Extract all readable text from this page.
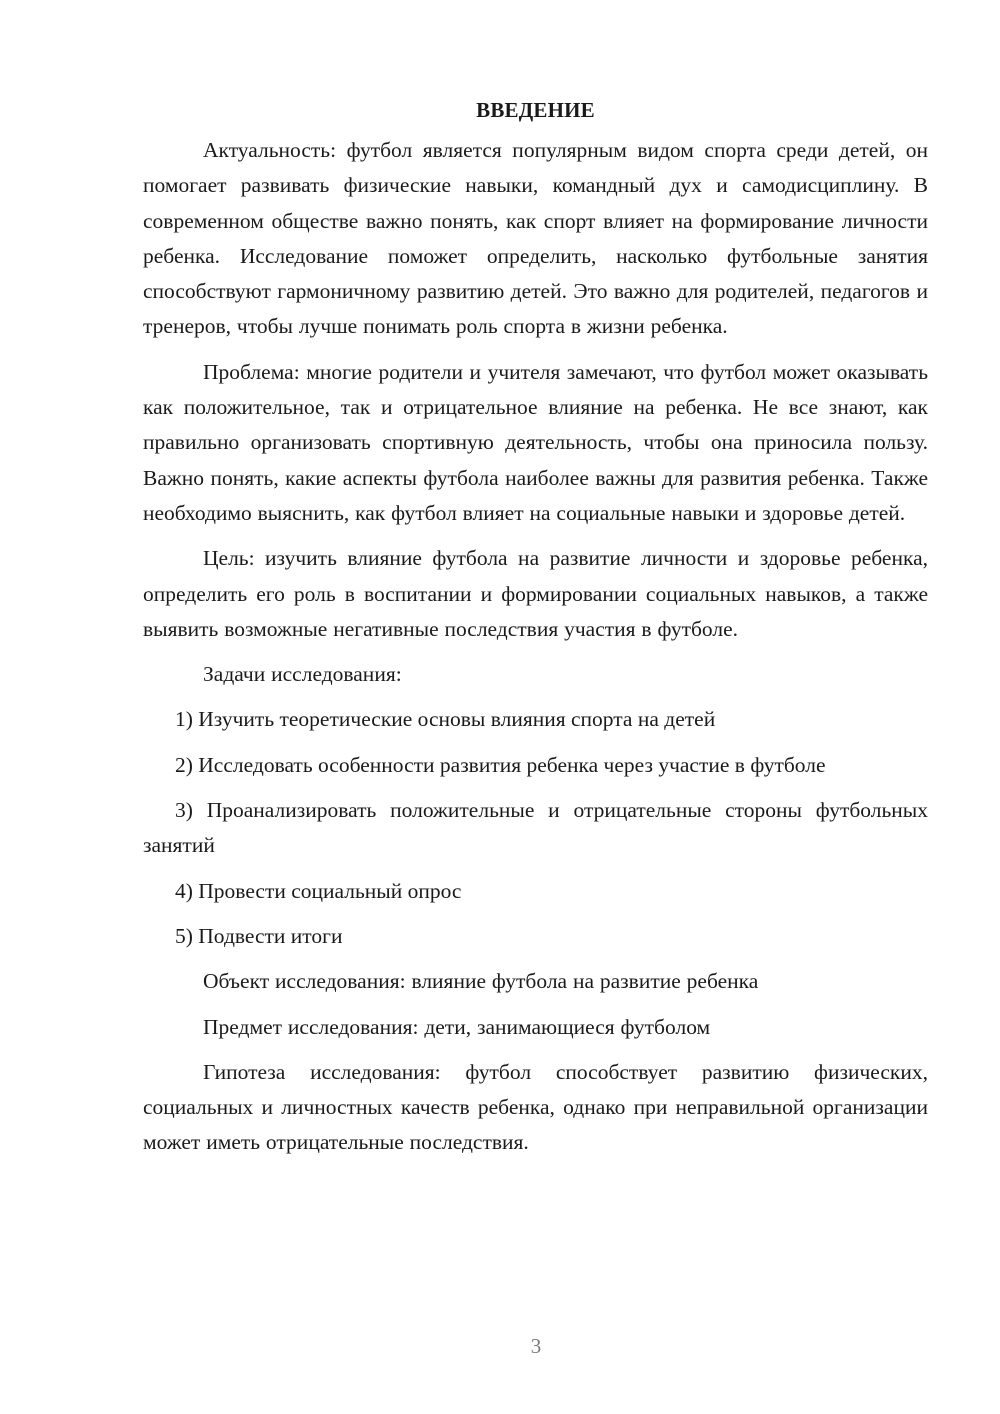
ВВЕДЕНИЕ

Актуальность: футбол является популярным видом спорта среди детей, он помогает развивать физические навыки, командный дух и самодисциплину. В современном обществе важно понять, как спорт влияет на формирование личности ребенка. Исследование поможет определить, насколько футбольные занятия способствуют гармоничному развитию детей. Это важно для родителей, педагогов и тренеров, чтобы лучше понимать роль спорта в жизни ребенка.

Проблема: многие родители и учителя замечают, что футбол может оказывать как положительное, так и отрицательное влияние на ребенка. Не все знают, как правильно организовать спортивную деятельность, чтобы она приносила пользу. Важно понять, какие аспекты футбола наиболее важны для развития ребенка. Также необходимо выяснить, как футбол влияет на социальные навыки и здоровье детей.

Цель: изучить влияние футбола на развитие личности и здоровье ребенка, определить его роль в воспитании и формировании социальных навыков, а также выявить возможные негативные последствия участия в футболе.

Задачи исследования:

1) Изучить теоретические основы влияния спорта на детей

2) Исследовать особенности развития ребенка через участие в футболе

3) Проанализировать положительные и отрицательные стороны футбольных занятий

4) Провести социальный опрос

5) Подвести итоги

Объект исследования: влияние футбола на развитие ребенка

Предмет исследования: дети, занимающиеся футболом

Гипотеза исследования: футбол способствует развитию физических, социальных и личностных качеств ребенка, однако при неправильной организации может иметь отрицательные последствия.

3
